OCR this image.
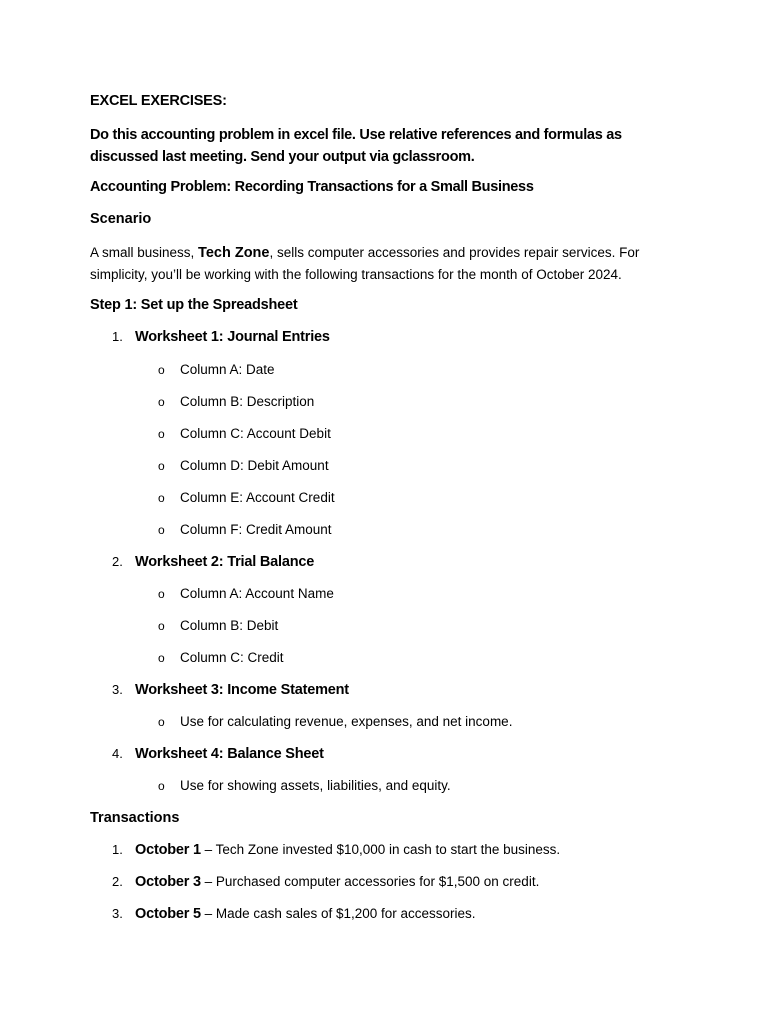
EXCEL EXERCISES:
Do this accounting problem in excel file. Use relative references and formulas as discussed last meeting. Send your output via gclassroom.
Accounting Problem: Recording Transactions for a Small Business
Scenario
A small business, Tech Zone, sells computer accessories and provides repair services. For simplicity, you’ll be working with the following transactions for the month of October 2024.
Step 1: Set up the Spreadsheet
1. Worksheet 1: Journal Entries
o Column A: Date
o Column B: Description
o Column C: Account Debit
o Column D: Debit Amount
o Column E: Account Credit
o Column F: Credit Amount
2. Worksheet 2: Trial Balance
o Column A: Account Name
o Column B: Debit
o Column C: Credit
3. Worksheet 3: Income Statement
o Use for calculating revenue, expenses, and net income.
4. Worksheet 4: Balance Sheet
o Use for showing assets, liabilities, and equity.
Transactions
1. October 1 – Tech Zone invested $10,000 in cash to start the business.
2. October 3 – Purchased computer accessories for $1,500 on credit.
3. October 5 – Made cash sales of $1,200 for accessories.
